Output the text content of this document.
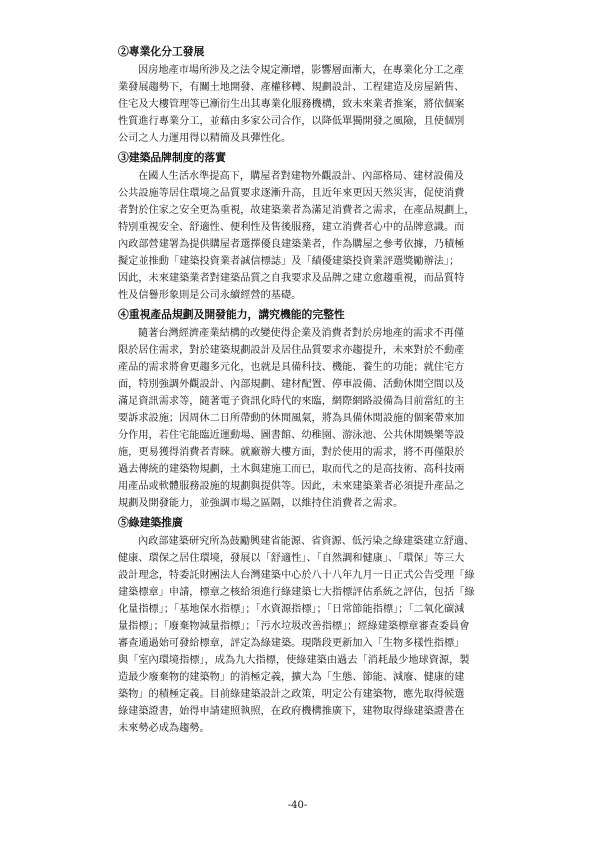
②專業化分工發展
因房地產市場所涉及之法令規定漸增，影響層面漸大，在專業化分工之產
業發展趨勢下，有關土地開發、產權移轉、規劃設計、工程建造及房屋銷售、
住宅及大樓管理等已漸衍生出其專業化服務機構，致未來業者推案，將依個案
性質進行專業分工，並藉由多家公司合作，以降低單獨開發之風險，且使個別
公司之人力運用得以精簡及具彈性化。
③建築品牌制度的落實
在國人生活水準提高下，購屋者對建物外觀設計、內部格局、建材設備及
公共設施等居住環境之品質要求逐漸升高，且近年來更因天然災害，促使消費
者對於住家之安全更為重視，故建築業者為滿足消費者之需求，在產品規劃上，
特別重視安全、舒適性、便利性及售後服務，建立消費者心中的品牌意識。而
內政部營建署為提供購屋者選擇優良建築業者，作為購屋之參考依據，乃積極
擬定並推動「建築投資業者誠信標誌」及「績優建築投資業評選獎勵辦法」；
因此，未來建築業者對建築品質之自我要求及品牌之建立愈趨重視，而品質特
性及信譽形象則是公司永續經營的基礎。
④重視產品規劃及開發能力，講究機能的完整性
隨著台灣經濟產業結構的改變使得企業及消費者對於房地產的需求不再僅
限於居住需求，對於建築規劃設計及居住品質要求亦趨提升，未來對於不動產
產品的需求將會更趨多元化，也就是具備科技、機能、養生的功能；就住宅方
面，特別強調外觀設計、內部規劃、建材配置、停車設備、活動休閒空間以及
滿足資訊需求等，隨著電子資訊化時代的來臨，網際網路設備為目前當紅的主
要訴求設施；因周休二日所帶動的休閒風氣，將為具備休閒設施的個案帶來加
分作用，若住宅能臨近運動場、圖書館、幼稚園、游泳池、公共休閒娛樂等設
施，更易獲得消費者青睞。就廠辦大樓方面，對於使用的需求，將不再僅限於
過去傳統的建築物規劃，土木與建施工而已，取而代之的是高技術、高科技兩
用產品或軟體服務設施的規劃與提供等。因此，未來建築業者必須提升產品之
規劃及開發能力，並強調市場之區隔，以維持住消費者之需求。
⑤綠建築推廣
內政部建築研究所為鼓勵興建省能源、省資源、低污染之綠建築建立舒適、
健康、環保之居住環境，發展以「舒適性」、「自然調和健康」、「環保」等三大
設計理念，特委託財團法人台灣建築中心於八十八年九月一日正式公告受理「綠
建築標章」申請，標章之核給須進行綠建築七大指標評估系統之評估，包括「綠
化量指標」；「基地保水指標」；「水資源指標」；「日常節能指標」；「二氧化碳減
量指標」；「廢棄物減量指標」；「污水垃圾改善指標」；經綠建築標章審查委員會
審查通過始可發給標章，評定為綠建築。現階段更新加入「生物多樣性指標」
與「室內環境指標」，成為九大指標，使綠建築由過去「消耗最少地球資源，製
造最少廢棄物的建築物」的消極定義，擴大為「生態、節能、減廢、健康的建
築物」的積極定義。目前綠建築設計之政策，明定公有建築物，應先取得候選
綠建築證書，始得申請建照執照，在政府機構推廣下，建物取得綠建築證書在
未來勢必成為趨勢。
-40-
